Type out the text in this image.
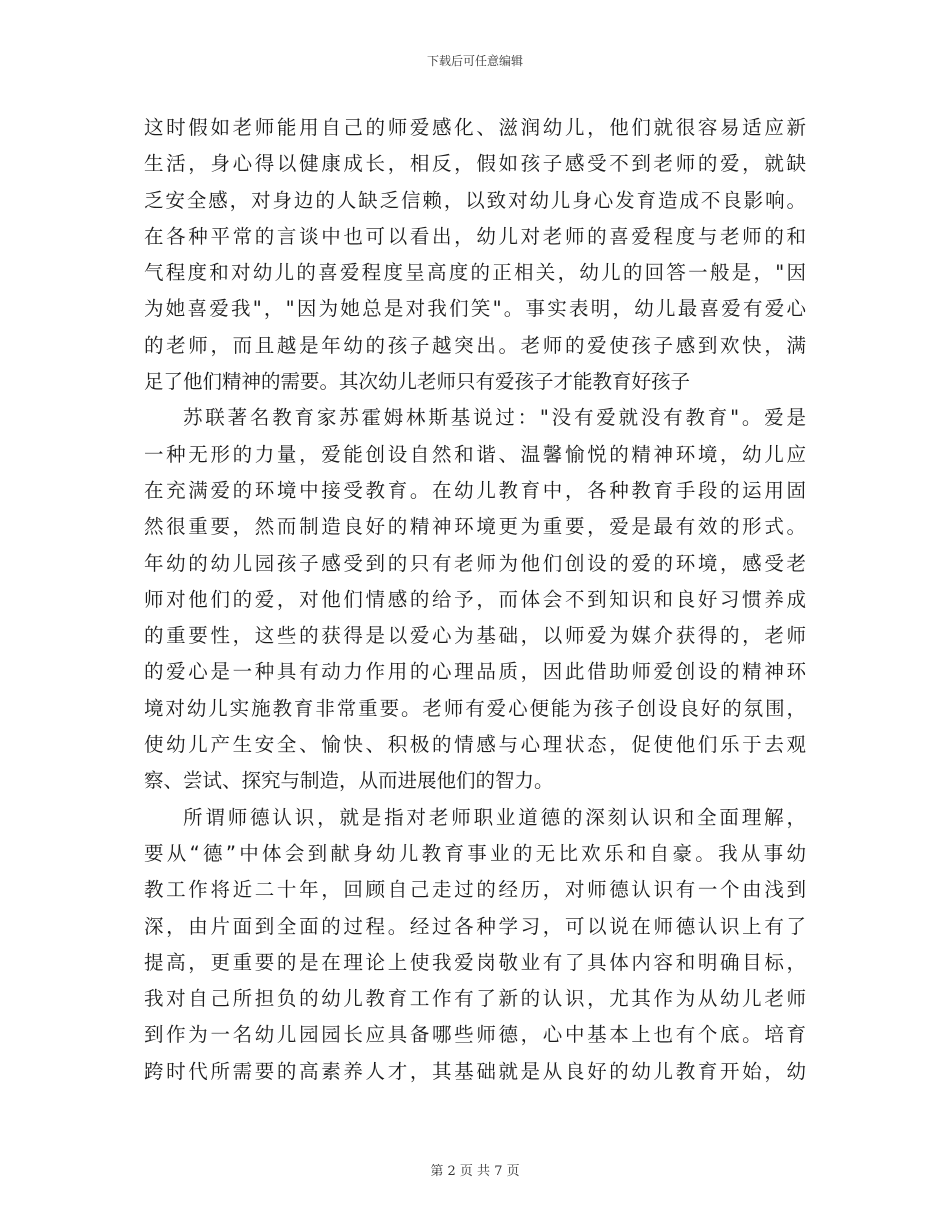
下载后可任意编辑
这时假如老师能用自己的师爱感化、滋润幼儿，他们就很容易适应新
生活，身心得以健康成长，相反，假如孩子感受不到老师的爱，就缺
乏安全感，对身边的人缺乏信赖，以致对幼儿身心发育造成不良影响。
在各种平常的言谈中也可以看出，幼儿对老师的喜爱程度与老师的和
气程度和对幼儿的喜爱程度呈高度的正相关，幼儿的回答一般是，"因
为她喜爱我"，"因为她总是对我们笑"。事实表明，幼儿最喜爱有爱心
的老师，而且越是年幼的孩子越突出。老师的爱使孩子感到欢快，满
足了他们精神的需要。其次幼儿老师只有爱孩子才能教育好孩子
苏联著名教育家苏霍姆林斯基说过："没有爱就没有教育"。爱是
一种无形的力量，爱能创设自然和谐、温馨愉悦的精神环境，幼儿应
在充满爱的环境中接受教育。在幼儿教育中，各种教育手段的运用固
然很重要，然而制造良好的精神环境更为重要，爱是最有效的形式。
年幼的幼儿园孩子感受到的只有老师为他们创设的爱的环境，感受老
师对他们的爱，对他们情感的给予，而体会不到知识和良好习惯养成
的重要性，这些的获得是以爱心为基础，以师爱为媒介获得的，老师
的爱心是一种具有动力作用的心理品质，因此借助师爱创设的精神环
境对幼儿实施教育非常重要。老师有爱心便能为孩子创设良好的氛围，
使幼儿产生安全、愉快、积极的情感与心理状态，促使他们乐于去观
察、尝试、探究与制造，从而进展他们的智力。
所谓师德认识，就是指对老师职业道德的深刻认识和全面理解，
要从“德”中体会到献身幼儿教育事业的无比欢乐和自豪。我从事幼
教工作将近二十年，回顾自己走过的经历，对师德认识有一个由浅到
深，由片面到全面的过程。经过各种学习，可以说在师德认识上有了
提高，更重要的是在理论上使我爱岗敬业有了具体内容和明确目标，
我对自己所担负的幼儿教育工作有了新的认识，尤其作为从幼儿老师
到作为一名幼儿园园长应具备哪些师德，心中基本上也有个底。培育
跨时代所需要的高素养人才，其基础就是从良好的幼儿教育开始，幼
第 2 页 共 7 页
